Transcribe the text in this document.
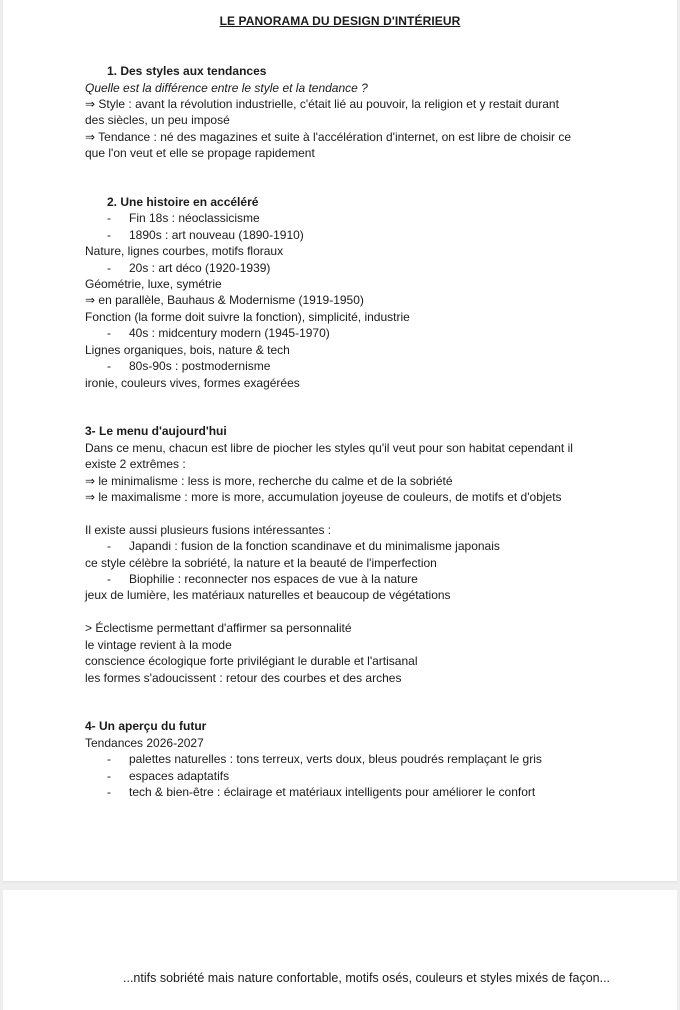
LE PANORAMA DU DESIGN D'INTÉRIEUR
1. Des styles aux tendances
Quelle est la différence entre le style et la tendance ?
⇒ Style : avant la révolution industrielle, c'était lié au pouvoir, la religion et y restait durant
des siècles, un peu imposé
⇒ Tendance : né des magazines et suite à l'accélération d'internet, on est libre de choisir ce
que l'on veut et elle se propage rapidement
2. Une histoire en accéléré
- Fin 18s : néoclassicisme
- 1890s : art nouveau (1890-1910)
Nature, lignes courbes, motifs floraux
- 20s : art déco (1920-1939)
Géométrie, luxe, symétrie
⇒ en parallèle, Bauhaus & Modernisme (1919-1950)
Fonction (la forme doit suivre la fonction), simplicité, industrie
- 40s : midcentury modern (1945-1970)
Lignes organiques, bois, nature & tech
- 80s-90s : postmodernisme
ironie, couleurs vives, formes exagérées
3- Le menu d'aujourd'hui
Dans ce menu, chacun est libre de piocher les styles qu'il veut pour son habitat cependant il
existe 2 extrêmes :
⇒ le minimalisme : less is more, recherche du calme et de la sobriété
⇒ le maximalisme : more is more, accumulation joyeuse de couleurs, de motifs et d'objets
Il existe aussi plusieurs fusions intéressantes :
- Japandi : fusion de la fonction scandinave et du minimalisme japonais
ce style célèbre la sobriété, la nature et la beauté de l'imperfection
- Biophilie : reconnecter nos espaces de vue à la nature
jeux de lumière, les matériaux naturelles et beaucoup de végétations
> Éclectisme permettant d'affirmer sa personnalité
le vintage revient à la mode
conscience écologique forte privilégiant le durable et l'artisanal
les formes s'adoucissent : retour des courbes et des arches
4- Un aperçu du futur
Tendances 2026-2027
- palettes naturelles : tons terreux, verts doux, bleus poudrés remplaçant le gris
- espaces adaptatifs
- tech & bien-être : éclairage et matériaux intelligents pour améliorer le confort
...ntifs sobriété mais nature confortable, motifs osés, couleurs et styles mixés de façon...
